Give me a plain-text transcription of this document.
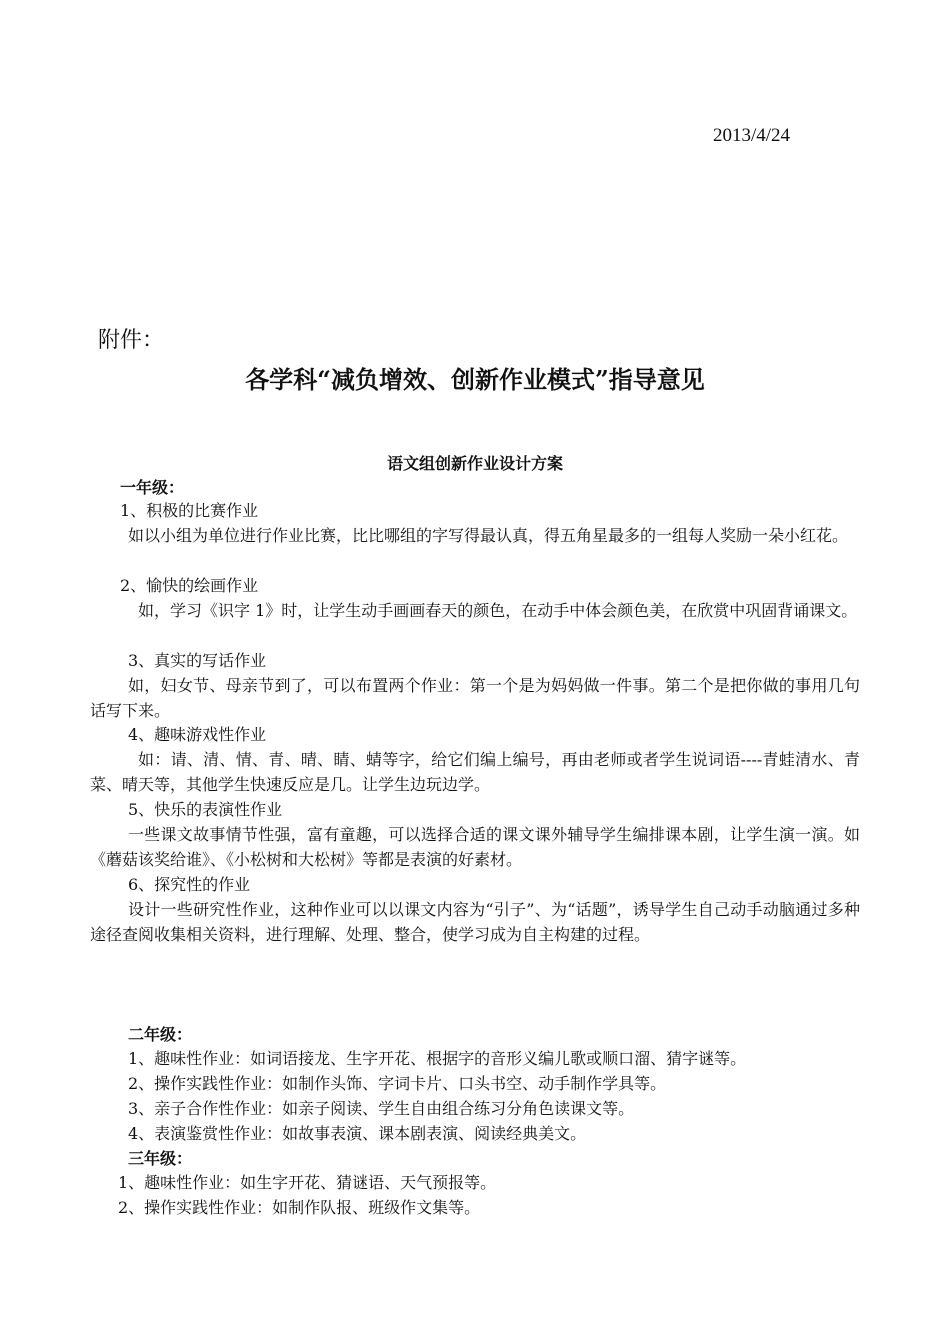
2013/4/24
附件：
各学科“减负增效、创新作业模式”指导意见
语文组创新作业设计方案
一年级：
1、积极的比赛作业
如以小组为单位进行作业比赛，比比哪组的字写得最认真，得五角星最多的一组每人奖励一朵小红花。
2、愉快的绘画作业
如，学习《识字 1》时，让学生动手画画春天的颜色，在动手中体会颜色美，在欣赏中巩固背诵课文。
3、真实的写话作业
如，妇女节、母亲节到了，可以布置两个作业：第一个是为妈妈做一件事。第二个是把你做的事用几句话写下来。
4、趣味游戏性作业
如：请、清、情、青、晴、睛、蜻等字，给它们编上编号，再由老师或者学生说词语----青蛙清水、青菜、晴天等，其他学生快速反应是几。让学生边玩边学。
5、快乐的表演性作业
一些课文故事情节性强，富有童趣，可以选择合适的课文课外辅导学生编排课本剧，让学生演一演。如《蘑菇该奖给谁》、《小松树和大松树》等都是表演的好素材。
6、探究性的作业
设计一些研究性作业，这种作业可以以课文内容为“引子”、为“话题”，诱导学生自己动手动脑通过多种途径查阅收集相关资料，进行理解、处理、整合，使学习成为自主构建的过程。
二年级：
1、趣味性作业：如词语接龙、生字开花、根据字的音形义编儿歌或顺口溜、猜字谜等。
2、操作实践性作业：如制作头饰、字词卡片、口头书空、动手制作学具等。
3、亲子合作性作业：如亲子阅读、学生自由组合练习分角色读课文等。
4、表演鉴赏性作业：如故事表演、课本剧表演、阅读经典美文。
三年级：
1、趣味性作业：如生字开花、猜谜语、天气预报等。
2、操作实践性作业：如制作队报、班级作文集等。
